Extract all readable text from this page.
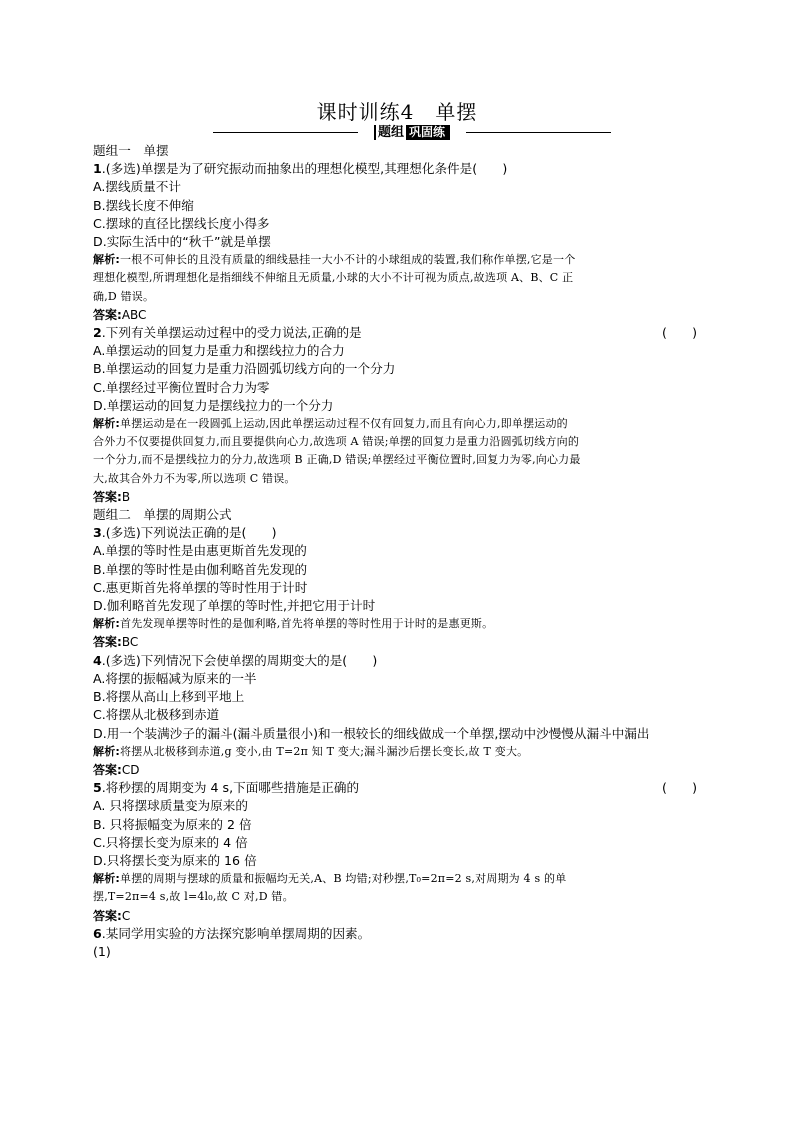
课时训练4　单摆
题组 巩固练
题组一　单摆
1.(多选)单摆是为了研究振动而抽象出的理想化模型,其理想化条件是(　　)
A.摆线质量不计
B.摆线长度不伸缩
C.摆球的直径比摆线长度小得多
D.实际生活中的“秋千”就是单摆
解析:一根不可伸长的且没有质量的细线悬挂一大小不计的小球组成的装置,我们称作单摆,它是一个
理想化模型,所谓理想化是指细线不伸缩且无质量,小球的大小不计可视为质点,故选项 A、B、C 正
确,D 错误。
答案:ABC
2.下列有关单摆运动过程中的受力说法,正确的是	(　　)
A.单摆运动的回复力是重力和摆线拉力的合力
B.单摆运动的回复力是重力沿圆弧切线方向的一个分力
C.单摆经过平衡位置时合力为零
D.单摆运动的回复力是摆线拉力的一个分力
解析:单摆运动是在一段圆弧上运动,因此单摆运动过程不仅有回复力,而且有向心力,即单摆运动的
合外力不仅要提供回复力,而且要提供向心力,故选项 A 错误;单摆的回复力是重力沿圆弧切线方向的
一个分力,而不是摆线拉力的分力,故选项 B 正确,D 错误;单摆经过平衡位置时,回复力为零,向心力最
大,故其合外力不为零,所以选项 C 错误。
答案:B
题组二　单摆的周期公式
3.(多选)下列说法正确的是(　　)
A.单摆的等时性是由惠更斯首先发现的
B.单摆的等时性是由伽利略首先发现的
C.惠更斯首先将单摆的等时性用于计时
D.伽利略首先发现了单摆的等时性,并把它用于计时
解析:首先发现单摆等时性的是伽利略,首先将单摆的等时性用于计时的是惠更斯。
答案:BC
4.(多选)下列情况下会使单摆的周期变大的是(　　)
A.将摆的振幅减为原来的一半
B.将摆从高山上移到平地上
C.将摆从北极移到赤道
D.用一个装满沙子的漏斗(漏斗质量很小)和一根较长的细线做成一个单摆,摆动中沙慢慢从漏斗中漏出
解析:将摆从北极移到赤道,g 变小,由 T=2π 知 T 变大;漏斗漏沙后摆长变长,故 T 变大。
答案:CD
5.将秒摆的周期变为 4 s,下面哪些措施是正确的	(　　)
A. 只将摆球质量变为原来的
B. 只将振幅变为原来的 2 倍
C.只将摆长变为原来的 4 倍
D.只将摆长变为原来的 16 倍
解析:单摆的周期与摆球的质量和振幅均无关,A、B 均错;对秒摆,T₀=2π=2 s,对周期为 4 s 的单
摆,T=2π=4 s,故 l=4l₀,故 C 对,D 错。
答案:C
6.某同学用实验的方法探究影响单摆周期的因素。
(1)
